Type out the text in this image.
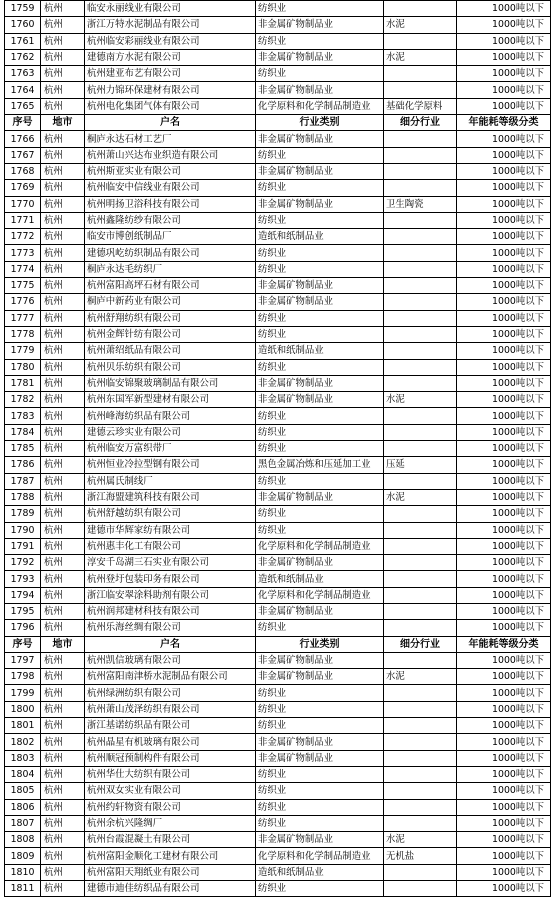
1759	杭州	临安永丽线业有限公司	纺织业		1000吨以下
1760	杭州	浙江万特水泥制品有限公司	非金属矿物制品业	水泥	1000吨以下
1761	杭州	杭州临安彩丽线业有限公司	纺织业		1000吨以下
1762	杭州	建德南方水泥有限公司	非金属矿物制品业	水泥	1000吨以下
1763	杭州	杭州建亚布艺有限公司	纺织业		1000吨以下
1764	杭州	杭州力锦环保建材有限公司	非金属矿物制品业		1000吨以下
1765	杭州	杭州电化集团气体有限公司	化学原料和化学制品制造业	基础化学原料	1000吨以下
序号	地市	户名	行业类别	细分行业	年能耗等级分类
1766	杭州	桐庐永达石材工艺厂	非金属矿物制品业		1000吨以下
1767	杭州	杭州萧山兴达布业织造有限公司	纺织业		1000吨以下
1768	杭州	杭州斯亚实业有限公司	非金属矿物制品业		1000吨以下
1769	杭州	杭州临安中信线业有限公司	纺织业		1000吨以下
1770	杭州	杭州明扬卫浴科技有限公司	非金属矿物制品业	卫生陶瓷	1000吨以下
1771	杭州	杭州鑫隆纺纱有限公司	纺织业		1000吨以下
1772	杭州	临安市博创纸制品厂	造纸和纸制品业		1000吨以下
1773	杭州	建德巩屹纺织制品有限公司	纺织业		1000吨以下
1774	杭州	桐庐永达毛纺织厂	纺织业		1000吨以下
1775	杭州	杭州富阳高坪石材有限公司	非金属矿物制品业		1000吨以下
1776	杭州	桐庐中新药业有限公司	非金属矿物制品业		1000吨以下
1777	杭州	杭州舒翔纺织有限公司	纺织业		1000吨以下
1778	杭州	杭州金辉针纺有限公司	纺织业		1000吨以下
1779	杭州	杭州萧绍纸品有限公司	造纸和纸制品业		1000吨以下
1780	杭州	杭州贝乐纺织有限公司	纺织业		1000吨以下
1781	杭州	杭州临安锦聚玻璃制品有限公司	非金属矿物制品业		1000吨以下
1782	杭州	杭州东国军新型建材有限公司	非金属矿物制品业	水泥	1000吨以下
1783	杭州	杭州峰海纺织品有限公司	纺织业		1000吨以下
1784	杭州	建德云珍实业有限公司	纺织业		1000吨以下
1785	杭州	杭州临安万富织带厂	纺织业		1000吨以下
1786	杭州	杭州恒业冷拉型钢有限公司	黑色金属冶炼和压延加工业	压延	1000吨以下
1787	杭州	杭州属氏制线厂	纺织业		1000吨以下
1788	杭州	浙江海盟建筑科技有限公司	非金属矿物制品业	水泥	1000吨以下
1789	杭州	杭州舒越纺织有限公司	纺织业		1000吨以下
1790	杭州	建德市华辉家纺有限公司	纺织业		1000吨以下
1791	杭州	杭州惠丰化工有限公司	化学原料和化学制品制造业		1000吨以下
1792	杭州	淳安千岛湖三石实业有限公司	非金属矿物制品业		1000吨以下
1793	杭州	杭州登圩包装印务有限公司	造纸和纸制品业		1000吨以下
1794	杭州	浙江临安翠涂料助剂有限公司	化学原料和化学制品制造业		1000吨以下
1795	杭州	杭州润邦建材科技有限公司	非金属矿物制品业		1000吨以下
1796	杭州	杭州乐海丝绸有限公司	纺织业		1000吨以下
序号	地市	户名	行业类别	细分行业	年能耗等级分类
1797	杭州	杭州凯信玻璃有限公司	非金属矿物制品业		1000吨以下
1798	杭州	杭州富阳南津桥水泥制品有限公司	非金属矿物制品业	水泥	1000吨以下
1799	杭州	杭州绿洲纺织有限公司	纺织业		1000吨以下
1800	杭州	杭州萧山茂泽纺织有限公司	纺织业		1000吨以下
1801	杭州	浙江基诺纺织品有限公司	纺织业		1000吨以下
1802	杭州	杭州晶星有机玻璃有限公司	非金属矿物制品业		1000吨以下
1803	杭州	杭州顺冠预制构件有限公司	非金属矿物制品业		1000吨以下
1804	杭州	杭州华仕大纺织有限公司	纺织业		1000吨以下
1805	杭州	杭州双女实业有限公司	纺织业		1000吨以下
1806	杭州	杭州约轩物资有限公司	纺织业		1000吨以下
1807	杭州	杭州余杭兴隆绸厂	纺织业		1000吨以下
1808	杭州	杭州台霞混凝土有限公司	非金属矿物制品业	水泥	1000吨以下
1809	杭州	杭州富阳金顺化工建材有限公司	化学原料和化学制品制造业	无机盐	1000吨以下
1810	杭州	杭州富阳天翔纸业有限公司	造纸和纸制品业		1000吨以下
1811	杭州	建德市迪佳纺织品有限公司	纺织业		1000吨以下
